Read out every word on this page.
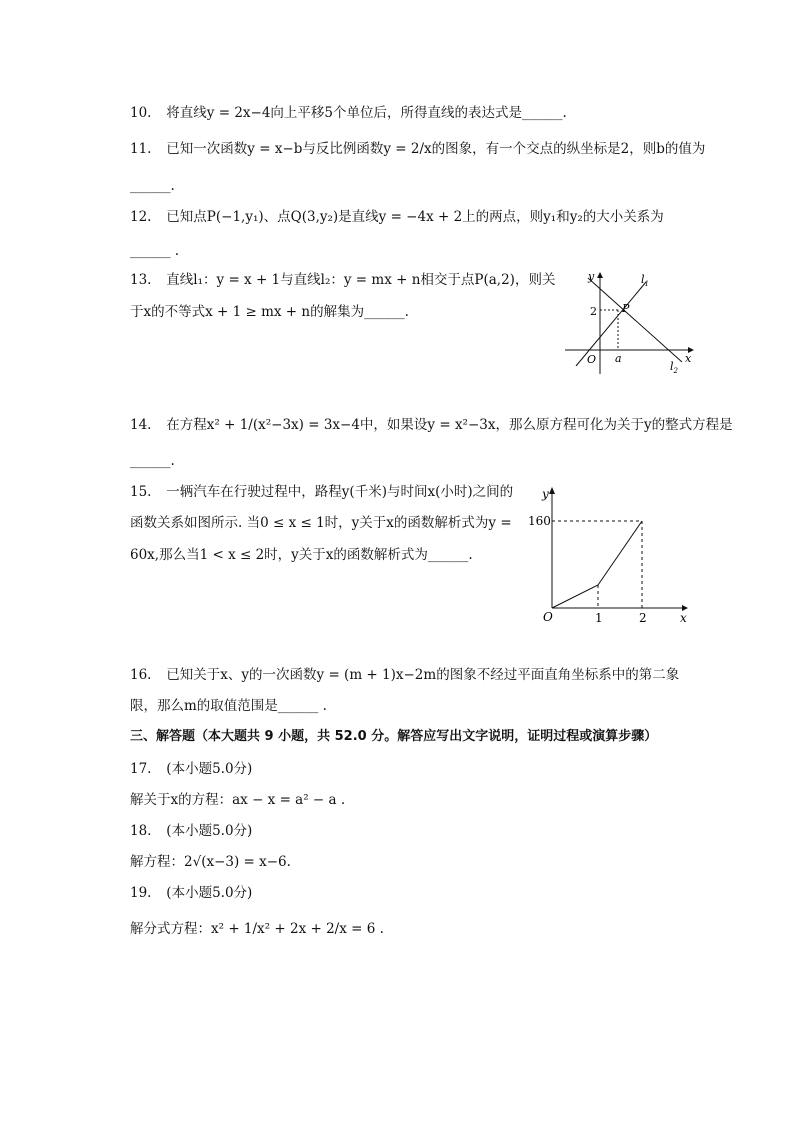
10. 将直线y = 2x−4向上平移5个单位后，所得直线的表达式是______.
11. 已知一次函数y = x−b与反比例函数y = 2/x的图象，有一个交点的纵坐标是2，则b的值为
______.
12. 已知点P(−1,y₁)、点Q(3,y₂)是直线y = −4x + 2上的两点，则y₁和y₂的大小关系为
______ .
13. 直线l₁：y = x + 1与直线l₂：y = mx + n相交于点P(a,2)，则关
于x的不等式x + 1 ≥ mx + n的解集为______.
y
x
O
2
a
P
$l_1$
$l_2$
14. 在方程x² + 1/(x²−3x) = 3x−4中，如果设y = x²−3x，那么原方程可化为关于y的整式方程是
______.
15. 一辆汽车在行驶过程中，路程y(千米)与时间x(小时)之间的
函数关系如图所示. 当0 ≤ x ≤ 1时，y关于x的函数解析式为y =
60x,那么当1 < x ≤ 2时，y关于x的函数解析式为______.
y
x
O
160
1	2
16. 已知关于x、y的一次函数y = (m + 1)x−2m的图象不经过平面直角坐标系中的第二象
限，那么m的取值范围是______ .
三、解答题（本大题共 9 小题，共 52.0 分。解答应写出文字说明，证明过程或演算步骤）
17. (本小题5.0分)
解关于x的方程：ax − x = a² − a .
18. (本小题5.0分)
解方程：2√(x−3) = x−6.
19. (本小题5.0分)
解分式方程：x² + 1/x² + 2x + 2/x = 6 .
